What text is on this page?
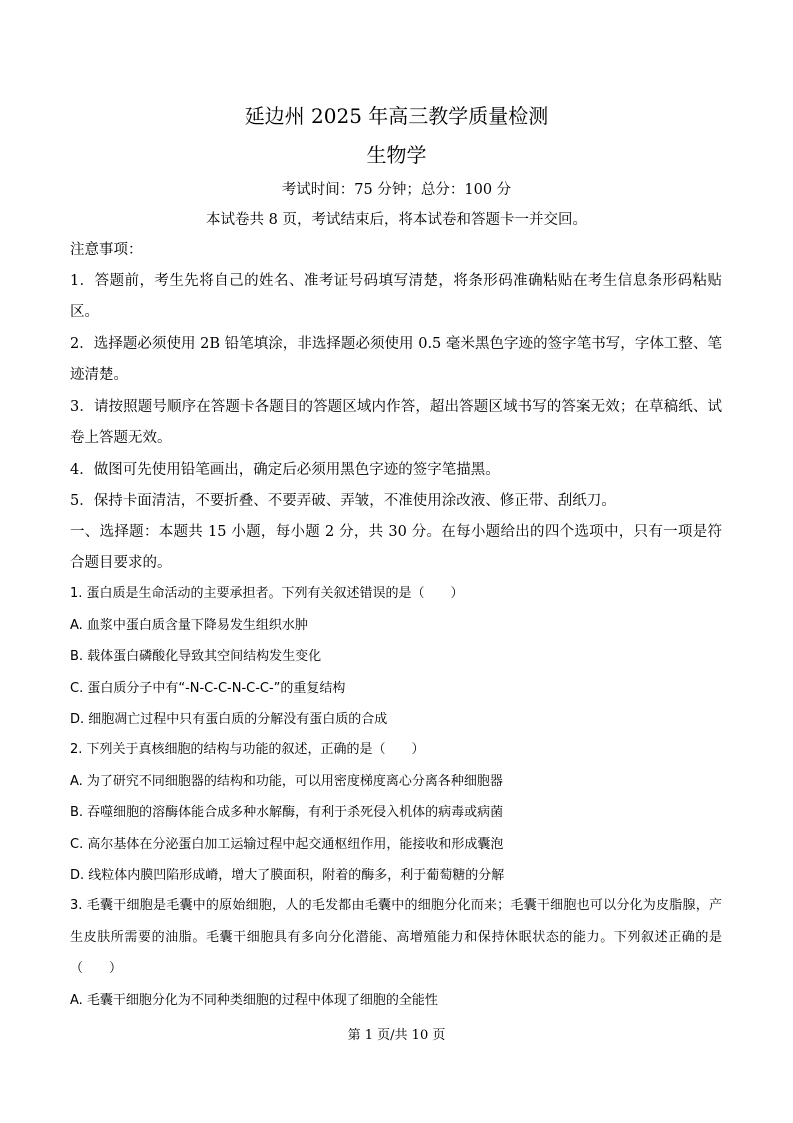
延边州 2025 年高三教学质量检测
生物学
考试时间：75 分钟；总分：100 分
本试卷共 8 页，考试结束后，将本试卷和答题卡一并交回。

注意事项：

1．答题前，考生先将自己的姓名、准考证号码填写清楚，将条形码准确粘贴在考生信息条形码粘贴区。

2．选择题必须使用 2B 铅笔填涂，非选择题必须使用 0.5 毫米黑色字迹的签字笔书写，字体工整、笔迹清楚。

3．请按照题号顺序在答题卡各题目的答题区域内作答，超出答题区域书写的答案无效；在草稿纸、试卷上答题无效。

4．做图可先使用铅笔画出，确定后必须用黑色字迹的签字笔描黑。

5．保持卡面清洁，不要折叠、不要弄破、弄皱，不准使用涂改液、修正带、刮纸刀。

一、选择题：本题共 15 小题，每小题 2 分，共 30 分。在每小题给出的四个选项中，只有一项是符合题目要求的。

1. 蛋白质是生命活动的主要承担者。下列有关叙述错误的是（　　）

A. 血浆中蛋白质含量下降易发生组织水肿

B. 载体蛋白磷酸化导致其空间结构发生变化

C. 蛋白质分子中有“-N-C-C-N-C-C-”的重复结构

D. 细胞凋亡过程中只有蛋白质的分解没有蛋白质的合成

2. 下列关于真核细胞的结构与功能的叙述，正确的是（　　）

A. 为了研究不同细胞器的结构和功能，可以用密度梯度离心分离各种细胞器

B. 吞噬细胞的溶酶体能合成多种水解酶，有利于杀死侵入机体的病毒或病菌

C. 高尔基体在分泌蛋白加工运输过程中起交通枢纽作用，能接收和形成囊泡

D. 线粒体内膜凹陷形成嵴，增大了膜面积，附着的酶多，利于葡萄糖的分解

3. 毛囊干细胞是毛囊中的原始细胞，人的毛发都由毛囊中的细胞分化而来；毛囊干细胞也可以分化为皮脂腺，产生皮肤所需要的油脂。毛囊干细胞具有多向分化潜能、高增殖能力和保持休眠状态的能力。下列叙述正确的是（　　）

A. 毛囊干细胞分化为不同种类细胞的过程中体现了细胞的全能性

第 1 页/共 10 页
